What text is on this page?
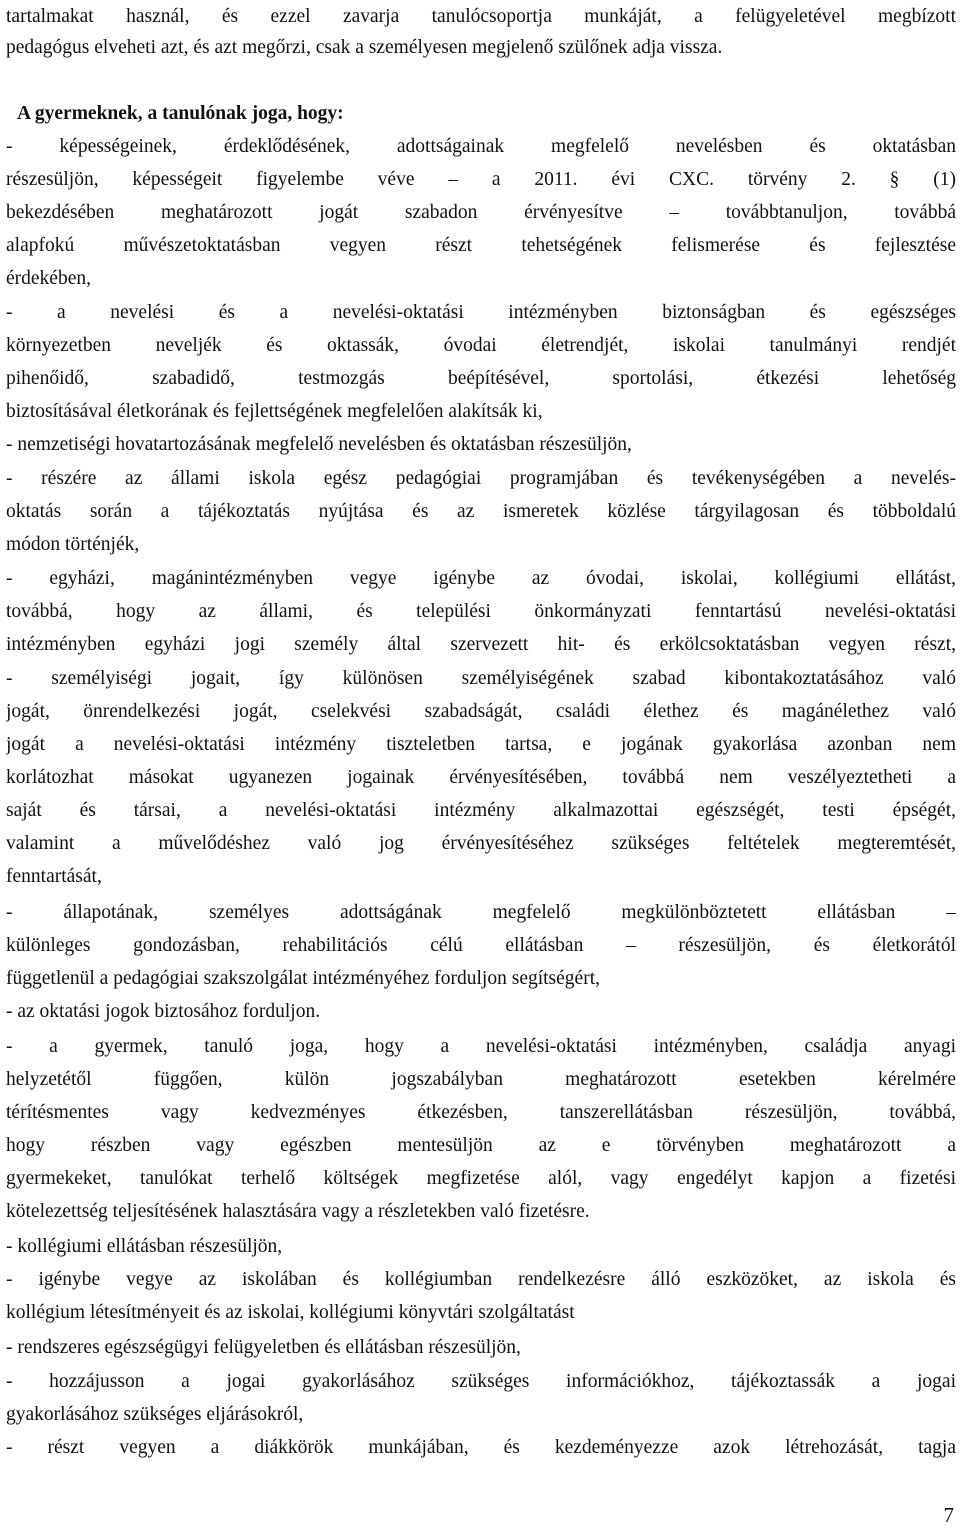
tartalmakat használ, és ezzel zavarja tanulócsoportja munkáját, a felügyeletével megbízott
pedagógus elveheti azt, és azt megőrzi, csak a személyesen megjelenő szülőnek adja vissza.
A gyermeknek, a tanulónak joga, hogy:
- képességeinek, érdeklődésének, adottságainak megfelelő nevelésben és oktatásban
részesüljön, képességeit figyelembe véve – a 2011. évi CXC. törvény 2. § (1)
bekezdésében meghatározott jogát szabadon érvényesítve – továbbtanuljon, továbbá
alapfokú művészetoktatásban vegyen részt tehetségének felismerése és fejlesztése
érdekében,
- a nevelési és a nevelési-oktatási intézményben biztonságban és egészséges
környezetben neveljék és oktassák, óvodai életrendjét, iskolai tanulmányi rendjét
pihenőidő, szabadidő, testmozgás beépítésével, sportolási, étkezési lehetőség
biztosításával életkorának és fejlettségének megfelelően alakítsák ki,
- nemzetiségi hovatartozásának megfelelő nevelésben és oktatásban részesüljön,
- részére az állami iskola egész pedagógiai programjában és tevékenységében a nevelés-
oktatás során a tájékoztatás nyújtása és az ismeretek közlése tárgyilagosan és többoldalú
módon történjék,
- egyházi, magánintézményben vegye igénybe az óvodai, iskolai, kollégiumi ellátást,
továbbá, hogy az állami, és települési önkormányzati fenntartású nevelési-oktatási
intézményben egyházi jogi személy által szervezett hit- és erkölcsoktatásban vegyen részt,
- személyiségi jogait, így különösen személyiségének szabad kibontakoztatásához való
jogát, önrendelkezési jogát, cselekvési szabadságát, családi élethez és magánélethez való
jogát a nevelési-oktatási intézmény tiszteletben tartsa, e jogának gyakorlása azonban nem
korlátozhat másokat ugyanezen jogainak érvényesítésében, továbbá nem veszélyeztetheti a
saját és társai, a nevelési-oktatási intézmény alkalmazottai egészségét, testi épségét,
valamint a művelődéshez való jog érvényesítéséhez szükséges feltételek megteremtését,
fenntartását,
- állapotának, személyes adottságának megfelelő megkülönböztetett ellátásban –
különleges gondozásban, rehabilitációs célú ellátásban – részesüljön, és életkorától
függetlenül a pedagógiai szakszolgálat intézményéhez forduljon segítségért,
- az oktatási jogok biztosához forduljon.
- a gyermek, tanuló joga, hogy a nevelési-oktatási intézményben, családja anyagi
helyzetétől függően, külön jogszabályban meghatározott esetekben kérelmére
térítésmentes vagy kedvezményes étkezésben, tanszerellátásban részesüljön, továbbá,
hogy részben vagy egészben mentesüljön az e törvényben meghatározott a
gyermekeket, tanulókat terhelő költségek megfizetése alól, vagy engedélyt kapjon a fizetési
kötelezettség teljesítésének halasztására vagy a részletekben való fizetésre.
- kollégiumi ellátásban részesüljön,
- igénybe vegye az iskolában és kollégiumban rendelkezésre álló eszközöket, az iskola és
kollégium létesítményeit és az iskolai, kollégiumi könyvtári szolgáltatást
- rendszeres egészségügyi felügyeletben és ellátásban részesüljön,
- hozzájusson a jogai gyakorlásához szükséges információkhoz, tájékoztassák a jogai
gyakorlásához szükséges eljárásokról,
- részt vegyen a diákkörök munkájában, és kezdeményezze azok létrehozását, tagja
7
